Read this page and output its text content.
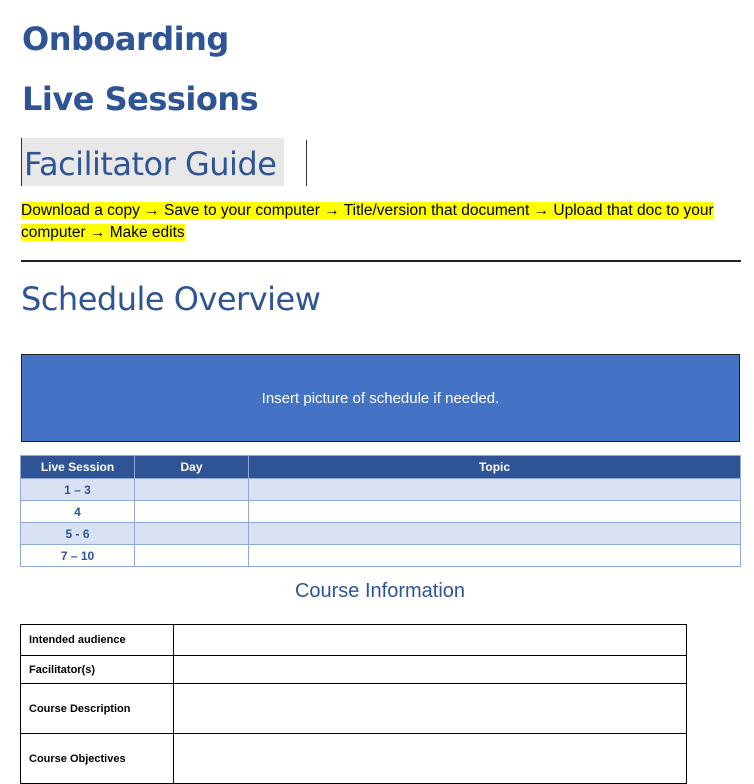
Onboarding
Live Sessions
Facilitator Guide
Download a copy → Save to your computer → Title/version that document → Upload that doc to your computer → Make edits
Schedule Overview
Insert picture of schedule if needed.
Live Session	Day	Topic
1 – 3		
4		
5 - 6		
7 – 10		
Course Information
Intended audience	
Facilitator(s)	
Course Description	
Course Objectives	
